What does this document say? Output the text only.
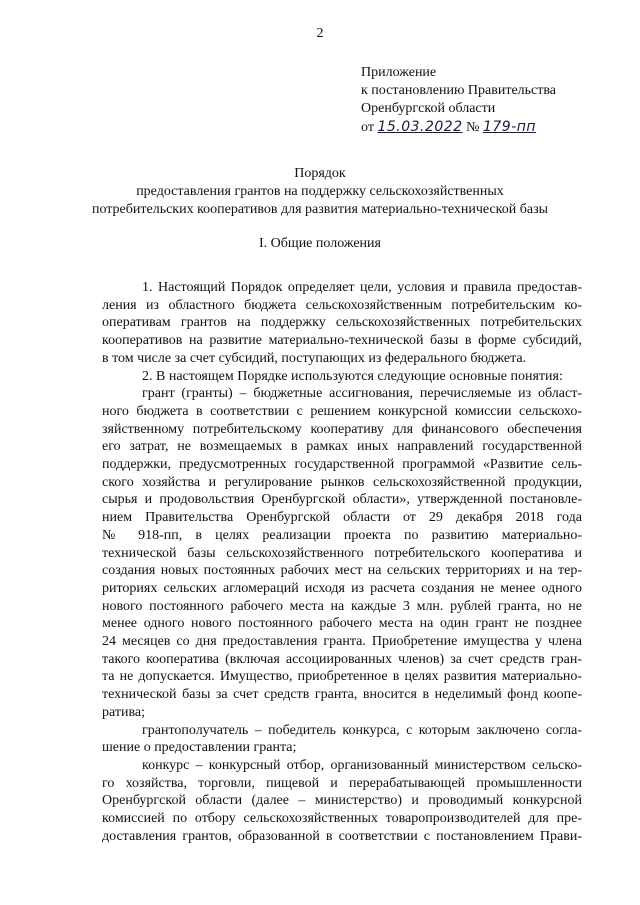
2
Приложение
к постановлению Правительства
Оренбургской области
от 15.03.2022 № 179-пп
Порядок
предоставления грантов на поддержку сельскохозяйственных
потребительских кооперативов для развития материально-технической базы
I. Общие положения
1. Настоящий Порядок определяет цели, условия и правила предостав-
ления из областного бюджета сельскохозяйственным потребительским ко-
оперативам грантов на поддержку сельскохозяйственных потребительских
кооперативов на развитие материально-технической базы в форме субсидий,
в том числе за счет субсидий, поступающих из федерального бюджета.
2. В настоящем Порядке используются следующие основные понятия:
грант (гранты) – бюджетные ассигнования, перечисляемые из област-
ного бюджета в соответствии с решением конкурсной комиссии сельскохо-
зяйственному потребительскому кооперативу для финансового обеспечения
его затрат, не возмещаемых в рамках иных направлений государственной
поддержки, предусмотренных государственной программой «Развитие сель-
ского хозяйства и регулирование рынков сельскохозяйственной продукции,
сырья и продовольствия Оренбургской области», утвержденной постановле-
нием Правительства Оренбургской области от 29 декабря 2018 года
№ 918-пп, в целях реализации проекта по развитию материально-
технической базы сельскохозяйственного потребительского кооператива и
создания новых постоянных рабочих мест на сельских территориях и на тер-
риториях сельских агломераций исходя из расчета создания не менее одного
нового постоянного рабочего места на каждые 3 млн. рублей гранта, но не
менее одного нового постоянного рабочего места на один грант не позднее
24 месяцев со дня предоставления гранта. Приобретение имущества у члена
такого кооператива (включая ассоциированных членов) за счет средств гран-
та не допускается. Имущество, приобретенное в целях развития материально-
технической базы за счет средств гранта, вносится в неделимый фонд коопе-
ратива;
грантополучатель – победитель конкурса, с которым заключено согла-
шение о предоставлении гранта;
конкурс – конкурсный отбор, организованный министерством сельско-
го хозяйства, торговли, пищевой и перерабатывающей промышленности
Оренбургской области (далее – министерство) и проводимый конкурсной
комиссией по отбору сельскохозяйственных товаропроизводителей для пре-
доставления грантов, образованной в соответствии с постановлением Прави-
